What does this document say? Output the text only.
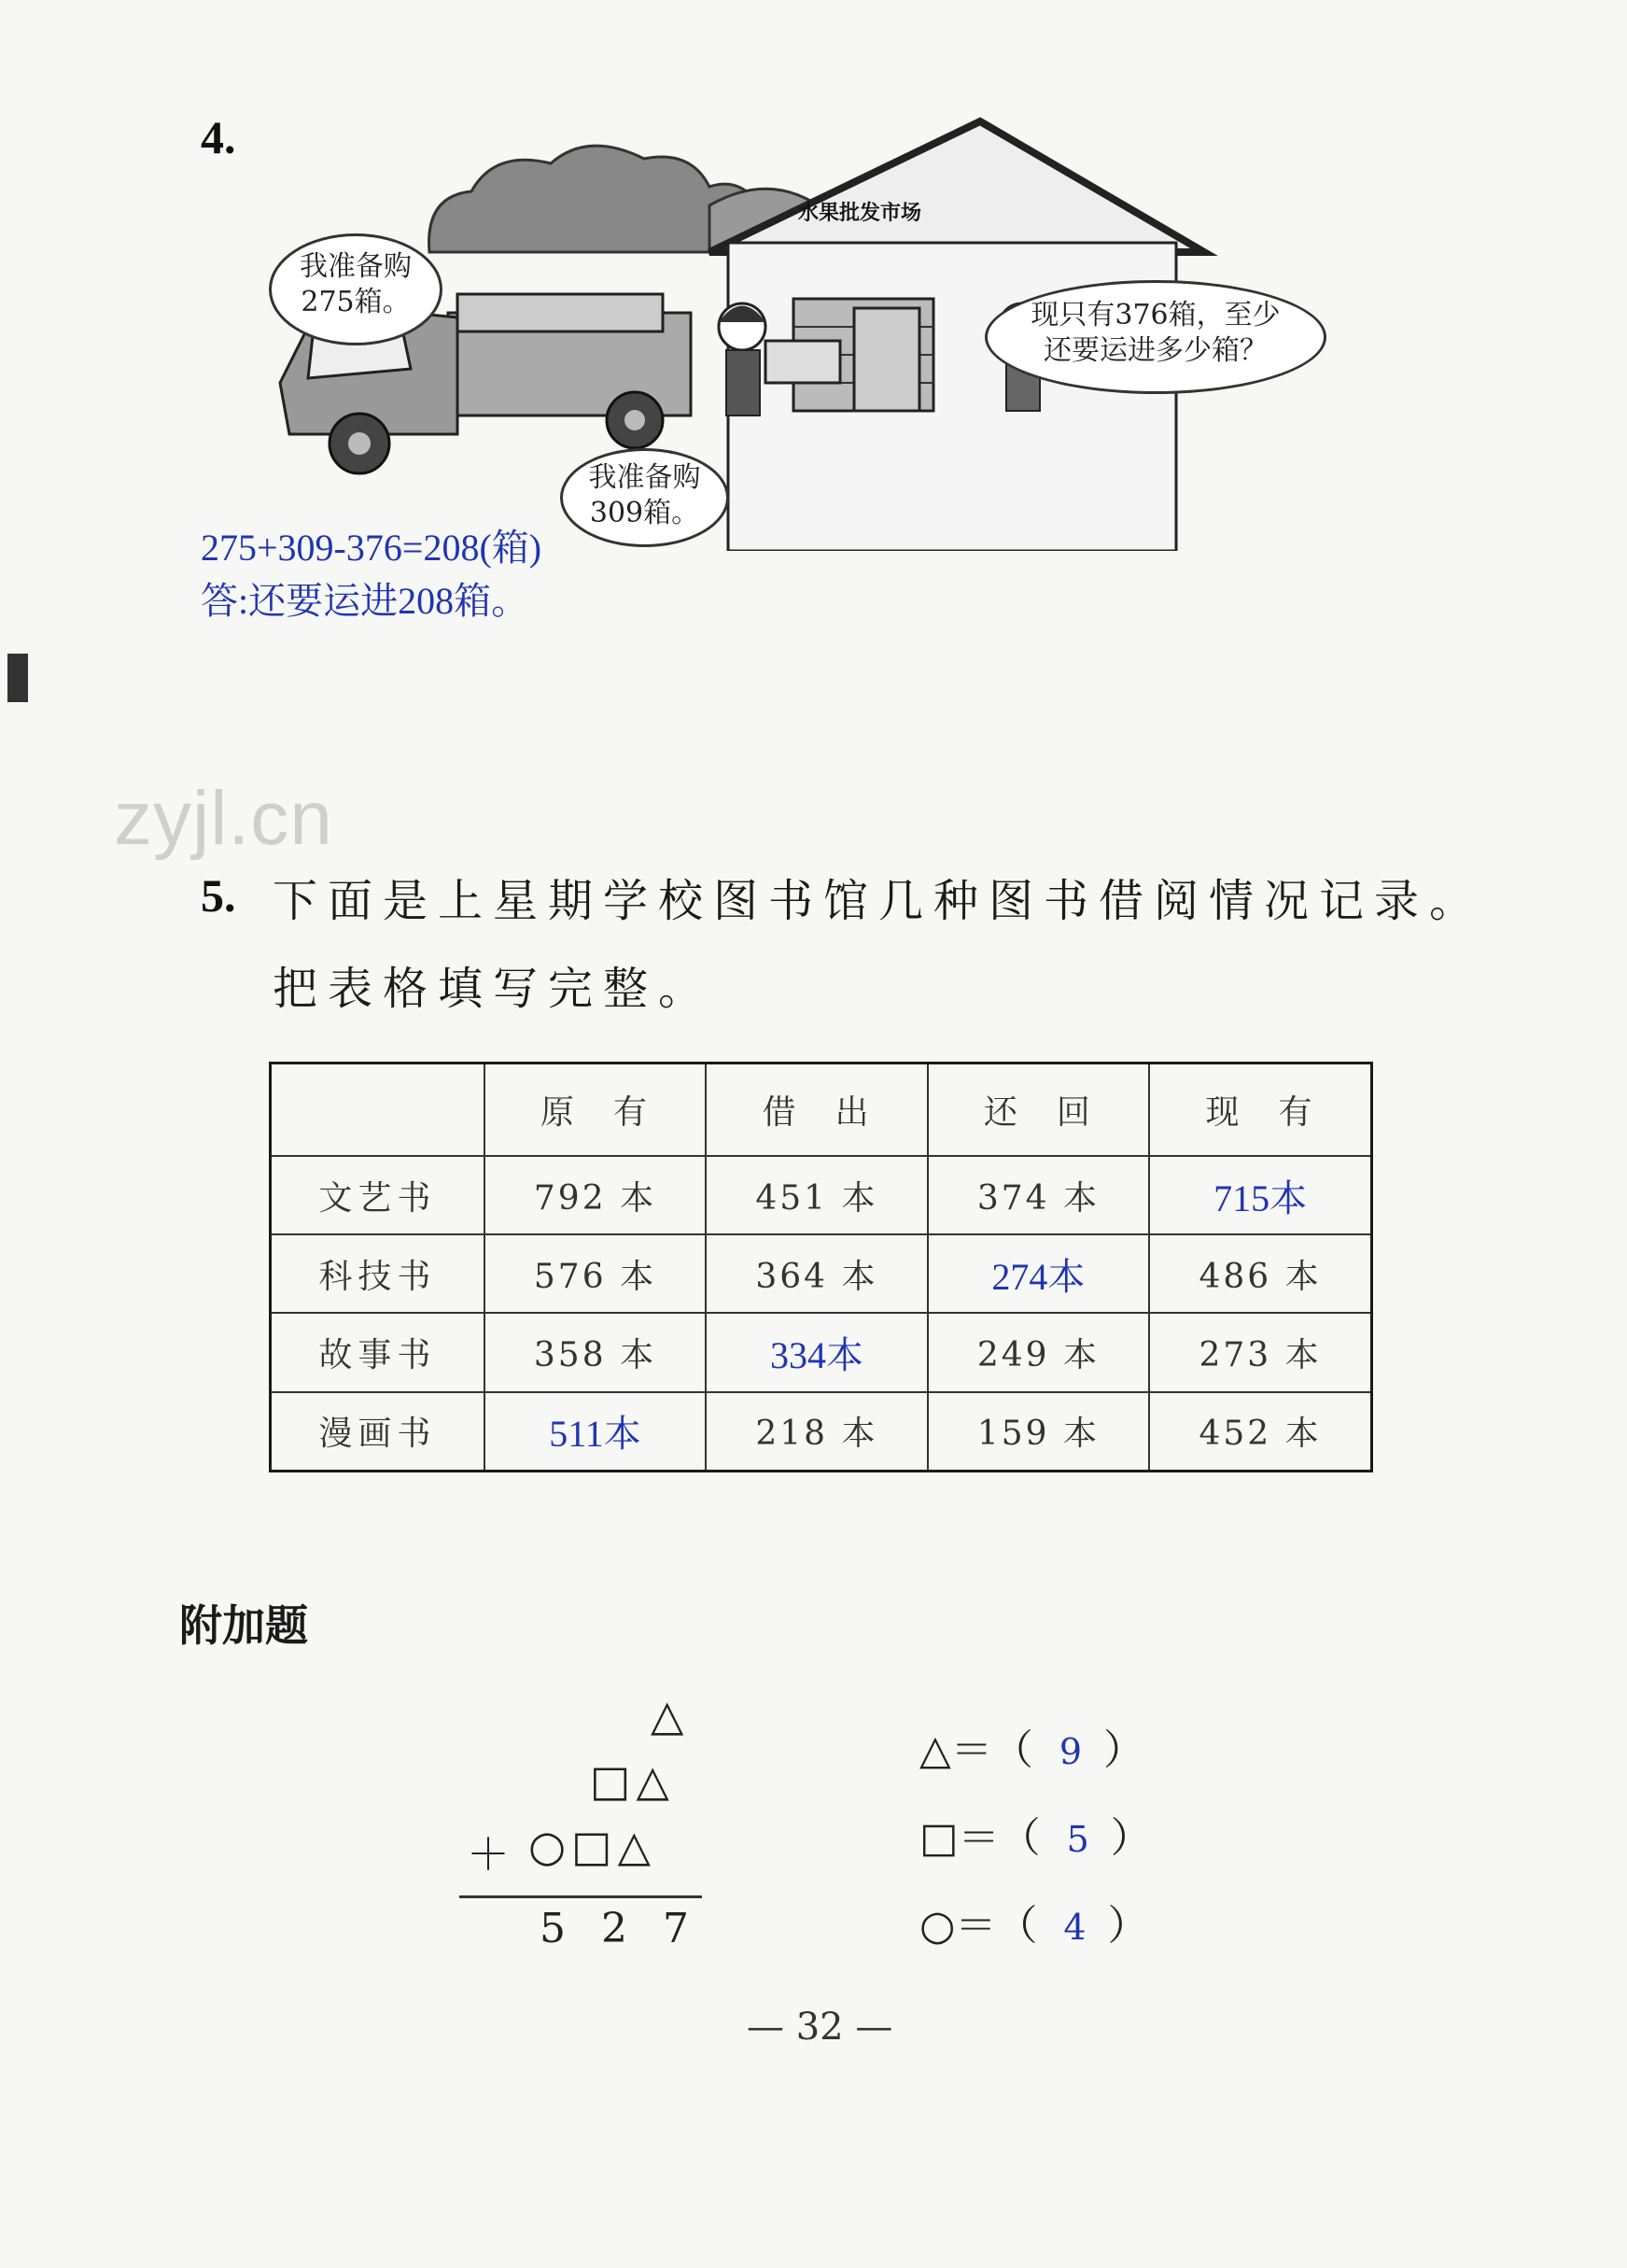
4.
水果批发市场
我准备购
275箱。
我准备购
309箱。
现只有376箱，至少
还要运进多少箱？
275+309-376=208(箱)
答:还要运进208箱。
zyjl.cn
5. 下面是上星期学校图书馆几种图书借阅情况记录。
把表格填写完整。
	原　有	借　出	还　回	现　有
文艺书	792 本	451 本	374 本	715本
科技书	576 本	364 本	274本	486 本
故事书	358 本	334本	249 本	273 本
漫画书	511本	218 本	159 本	452 本
附加题
△
□△
＋ ○□△
5 2 7
△＝（ 9 ）
□＝（ 5 ）
○＝（ 4 ）
— 32 —
